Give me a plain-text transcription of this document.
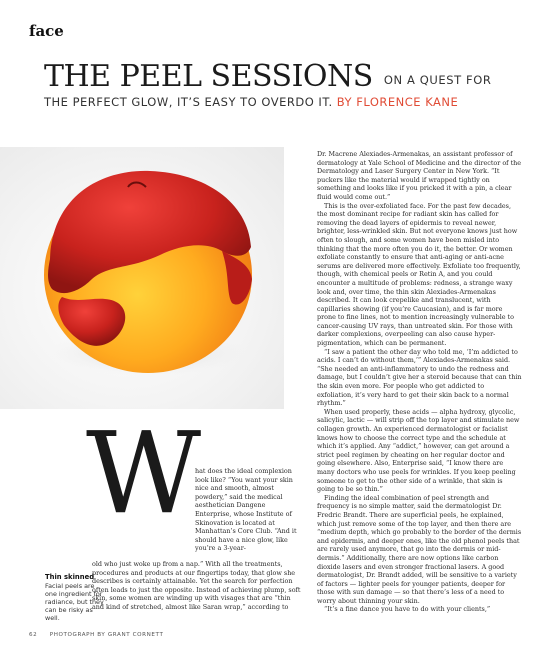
face
THE PEEL SESSIONS ON A QUEST FOR
THE PERFECT GLOW, IT’S EASY TO OVERDO IT. BY FLORENCE KANE
W

hat does the ideal complexion look like? “You want your skin nice and smooth, almost powdery,” said the medical aesthetician Dangene Enterprise, whose Institute of Skinovation is located at Manhattan’s Core Club. “And it should have a nice glow, like you’re a 3-year-

old who just woke up from a nap.” With all the treatments, procedures and products at our fingertips today, that glow she describes is certainly attainable. Yet the search for perfection often leads to just the opposite. Instead of achieving plump, soft skin, some women are winding up with visages that are “thin and kind of stretched, almost like Saran wrap,” according to

Thin skinned
Facial peels are one ingredient for radiance, but they can be risky as well.

Dr. Macrene Alexiades-Armenakas, an assistant professor of dermatology at Yale School of Medicine and the director of the Dermatology and Laser Surgery Center in New York. “It puckers like the material would if wrapped tightly on something and looks like if you pricked it with a pin, a clear fluid would come out.”

This is the over-exfoliated face. For the past few decades, the most dominant recipe for radiant skin has called for removing the dead layers of epidermis to reveal newer, brighter, less-wrinkled skin. But not everyone knows just how often to slough, and some women have been misled into thinking that the more often you do it, the better. Or women exfoliate constantly to ensure that anti-aging or anti-acne serums are delivered more effectively. Exfoliate too frequently, though, with chemical peels or Retin A, and you could encounter a multitude of problems: redness, a strange waxy look and, over time, the thin skin Alexiades-Armenakas described. It can look crepelike and translucent, with capillaries showing (if you’re Caucasian), and is far more prone to fine lines, not to mention increasingly vulnerable to cancer-causing UV rays, than untreated skin. For those with darker complexions, overpeeling can also cause hyper-pigmentation, which can be permanent.

“I saw a patient the other day who told me, ‘I’m addicted to acids. I can’t do without them,’” Alexiades-Armenakas said. “She needed an anti-inflammatory to undo the redness and damage, but I couldn’t give her a steroid because that can thin the skin even more. For people who get addicted to exfoliation, it’s very hard to get their skin back to a normal rhythm.”

When used properly, these acids — alpha hydroxy, glycolic, salicylic, lactic — will strip off the top layer and stimulate new collagen growth. An experienced dermatologist or facialist knows how to choose the correct type and the schedule at which it’s applied. Any “addict,” however, can get around a strict peel regimen by cheating on her regular doctor and going elsewhere. Also, Enterprise said, “I know there are many doctors who use peels for wrinkles. If you keep peeling someone to get to the other side of a wrinkle, that skin is going to be so thin.”

Finding the ideal combination of peel strength and frequency is no simple matter, said the dermatologist Dr. Fredric Brandt. There are superficial peels, he explained, which just remove some of the top layer, and then there are “medium depth, which go probably to the border of the dermis and epidermis, and deeper ones, like the old phenol peels that are rarely used anymore, that go into the dermis or mid-dermis.” Additionally, there are now options like carbon dioxide lasers and even stronger fractional lasers. A good dermatologist, Dr. Brandt added, will be sensitive to a variety of factors — lighter peels for younger patients, deeper for those with sun damage — so that there’s less of a need to worry about thinning your skin.

“It’s a fine dance you have to do with your clients,”

62 PHOTOGRAPH BY GRANT CORNETT
